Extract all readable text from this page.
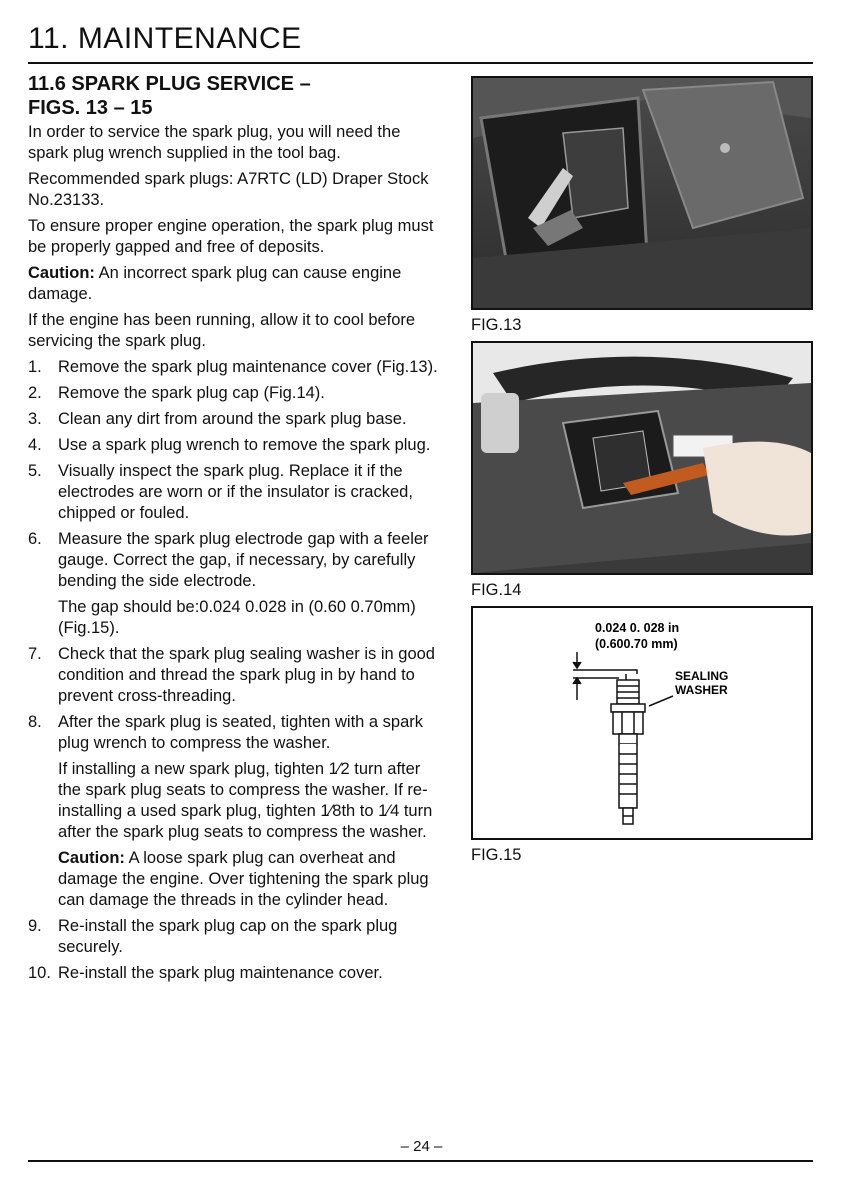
11. MAINTENANCE
11.6 SPARK PLUG SERVICE –
FIGS. 13 – 15

In order to service the spark plug, you will need the spark plug wrench supplied in the tool bag.

Recommended spark plugs: A7RTC (LD) Draper Stock No.23133.

To ensure proper engine operation, the spark plug must be properly gapped and free of deposits.

Caution: An incorrect spark plug can cause engine damage.

If the engine has been running, allow it to cool before servicing the spark plug.

1. Remove the spark plug maintenance cover (Fig.13).
2. Remove the spark plug cap (Fig.14).
3. Clean any dirt from around the spark plug base.
4. Use a spark plug wrench to remove the spark plug.
5. Visually inspect the spark plug. Replace it if the electrodes are worn or if the insulator is cracked, chipped or fouled.
6. Measure the spark plug electrode gap with a feeler gauge. Correct the gap, if necessary, by carefully bending the side electrode.
The gap should be:0.024 0.028 in (0.60 0.70mm) (Fig.15).
7. Check that the spark plug sealing washer is in good condition and thread the spark plug in by hand to prevent cross-threading.
8. After the spark plug is seated, tighten with a spark plug wrench to compress the washer.
If installing a new spark plug, tighten 1⁄2 turn after the spark plug seats to compress the washer. If re-installing a used spark plug, tighten 1⁄8th to 1⁄4 turn after the spark plug seats to compress the washer.
Caution: A loose spark plug can overheat and damage the engine. Over tightening the spark plug can damage the threads in the cylinder head.
9. Re-install the spark plug cap on the spark plug securely.
10. Re-install the spark plug maintenance cover.
FIG.13
FIG.14
0.024 0. 028 in
(0.600.70 mm)
SEALING
WASHER
FIG.15
– 24 –
